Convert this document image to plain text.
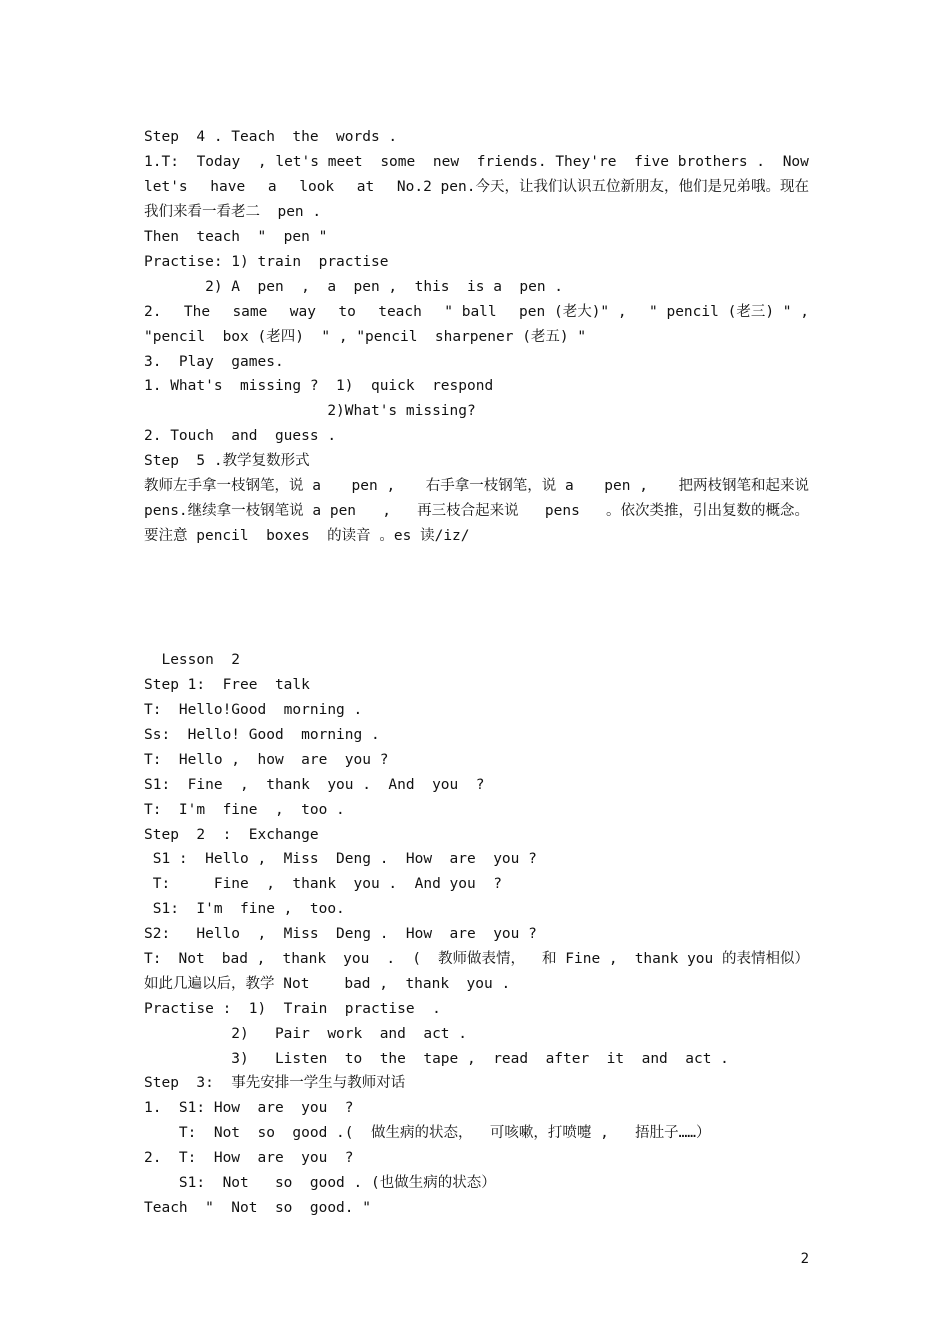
Step  4 . Teach  the  words .
1.T: Today , let's meet some new friends. They're five brothers . Now
let's have a look at No.2 pen.今天，让我们认识五位新朋友，他们是兄弟哦。现在
我们来看一看老二  pen .
Then  teach  "  pen "
Practise: 1) train  practise
2) A  pen  ,  a  pen ,  this  is a  pen .
2. The same way to teach " ball pen (老大)" , " pencil (老三) " ,
"pencil  box (老四)  " , "pencil  sharpener (老五) "
3.  Play  games.
1. What's  missing ?  1)  quick  respond
2)What's missing?
2. Touch  and  guess .
Step  5 .教学复数形式
教师左手拿一枝钢笔，说 a pen , 右手拿一枝钢笔，说 a pen , 把两枝钢笔和起来说
pens.继续拿一枝钢笔说 a pen , 再三枝合起来说 pens 。依次类推，引出复数的概念。
要注意 pencil  boxes  的读音 。es 读/iz/
Lesson  2
Step 1:  Free  talk
T:  Hello!Good  morning .
Ss:  Hello! Good  morning .
T:  Hello ,  how  are  you ?
S1:  Fine  ,  thank  you .  And  you  ?
T:  I'm  fine  ,  too .
Step  2  :  Exchange
S1 :  Hello ,  Miss  Deng .  How  are  you ?
T:     Fine  ,  thank  you .  And you  ?
S1:  I'm  fine ,  too.
S2:   Hello  ,  Miss  Deng .  How  are  you ?
T: Not bad , thank you . ( 教师做表情， 和 Fine , thank you 的表情相似）
如此几遍以后，教学 Not    bad ,  thank  you .
Practise :  1)  Train  practise  .
2)   Pair  work  and  act .
3)   Listen  to  the  tape ,  read  after  it  and  act .
Step  3:  事先安排一学生与教师对话
1.  S1: How  are  you  ?
T:  Not  so  good .(  做生病的状态，  可咳嗽，打喷嚏 ,   捂肚子……）
2.  T:  How  are  you  ?
S1:  Not   so  good . (也做生病的状态）
Teach  "  Not  so  good. "
2
